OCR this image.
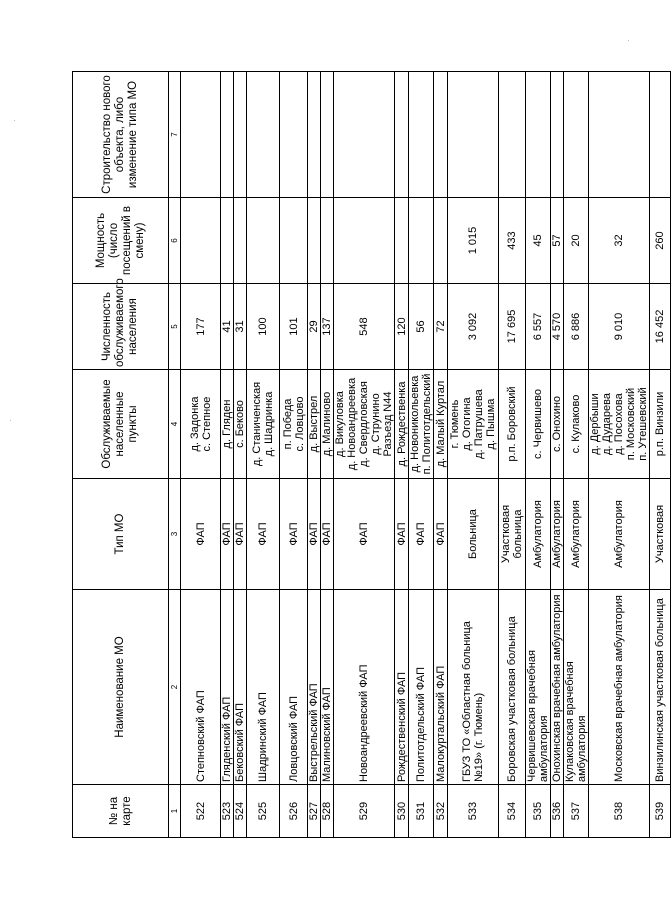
№ на карте	Наименование МО	Тип МО	Обслуживаемые населенные пункты	Численность обслуживаемого населения	Мощность (число посещений в смену)	Строительство нового объекта, либо изменение типа МО
1	2	3	4	5	6	7
522	Степновский ФАП	ФАП	д. Задонка с. Степное	177		
523	Гляденский ФАП	ФАП	д. Гляден	41		
524	Бековский ФАП	ФАП	с. Беково	31		
525	Шадринский ФАП	ФАП	д. Станиченская д. Шадринка	100		
526	Ловцовский ФАП	ФАП	п. Победа с. Ловцово	101		
527	Выстрельский ФАП	ФАП	д. Выстрел	29		
528	Малиновский ФАП	ФАП	д. Малиново	137		
529	Новоандреевский ФАП	ФАП	д. Викуловка д. Новоандреевка д. Свердловская д. Струнино Разъезд N44	548		
530	Рождественский ФАП	ФАП	д. Рождественка	120		
531	Политотдельский ФАП	ФАП	д. Новоникольевка п. Политотдельский	56		
532	Малокуртальский ФАП	ФАП	д. Малый Куртал	72		
533	ГБУЗ ТО «Областная больница №19» (г. Тюмень)	Больница	г. Тюмень д. Огогина д. Патрушева д. Пышма	3 092	1 015	
534	Боровская участковая больница	Участковая больница	р.п. Боровский	17 695	433	
535	Червишевская врачебная амбулатория	Амбулатория	с. Червишево	6 557	45	
536	Онохинская врачебная амбулатория	Амбулатория	с. Онохино	4 570	57	
537	Кулаковская врачебная амбулатория	Амбулатория	с. Кулаково	6 886	20	
538	Московская врачебная амбулатория	Амбулатория	д. Дербыши д. Дударева д. Посохова п. Московский п. Утешевский	9 010	32	
539	Винзилинская участковая больница	Участковая	р.п. Винзили	16 452	260	
